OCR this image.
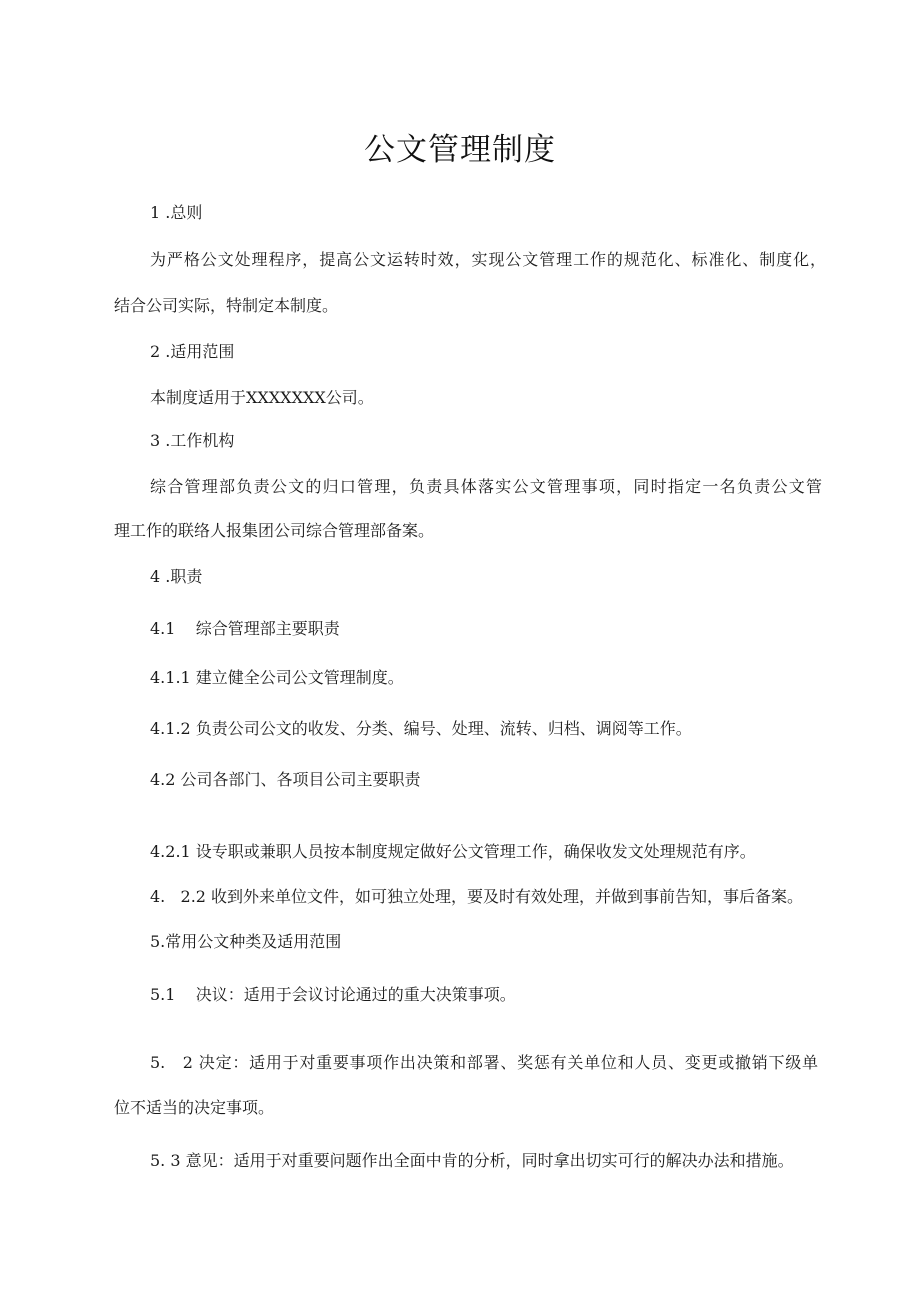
公文管理制度
1 .总则
为严格公文处理程序，提高公文运转时效，实现公文管理工作的规范化、标准化、制度化，
结合公司实际，特制定本制度。
2 .适用范围
本制度适用于XXXXXXX公司。
3 .工作机构
综合管理部负责公文的归口管理，负责具体落实公文管理事项，同时指定一名负责公文管
理工作的联络人报集团公司综合管理部备案。
4 .职责
4.1    综合管理部主要职责
4.1.1 建立健全公司公文管理制度。
4.1.2 负责公司公文的收发、分类、编号、处理、流转、归档、调阅等工作。
4.2 公司各部门、各项目公司主要职责
4.2.1 设专职或兼职人员按本制度规定做好公文管理工作，确保收发文处理规范有序。
4.   2.2 收到外来单位文件，如可独立处理，要及时有效处理，并做到事前告知，事后备案。
5.常用公文种类及适用范围
5.1    决议：适用于会议讨论通过的重大决策事项。
5.   2 决定：适用于对重要事项作出决策和部署、奖惩有关单位和人员、变更或撤销下级单
位不适当的决定事项。
5. 3 意见：适用于对重要问题作出全面中肯的分析，同时拿出切实可行的解决办法和措施。
